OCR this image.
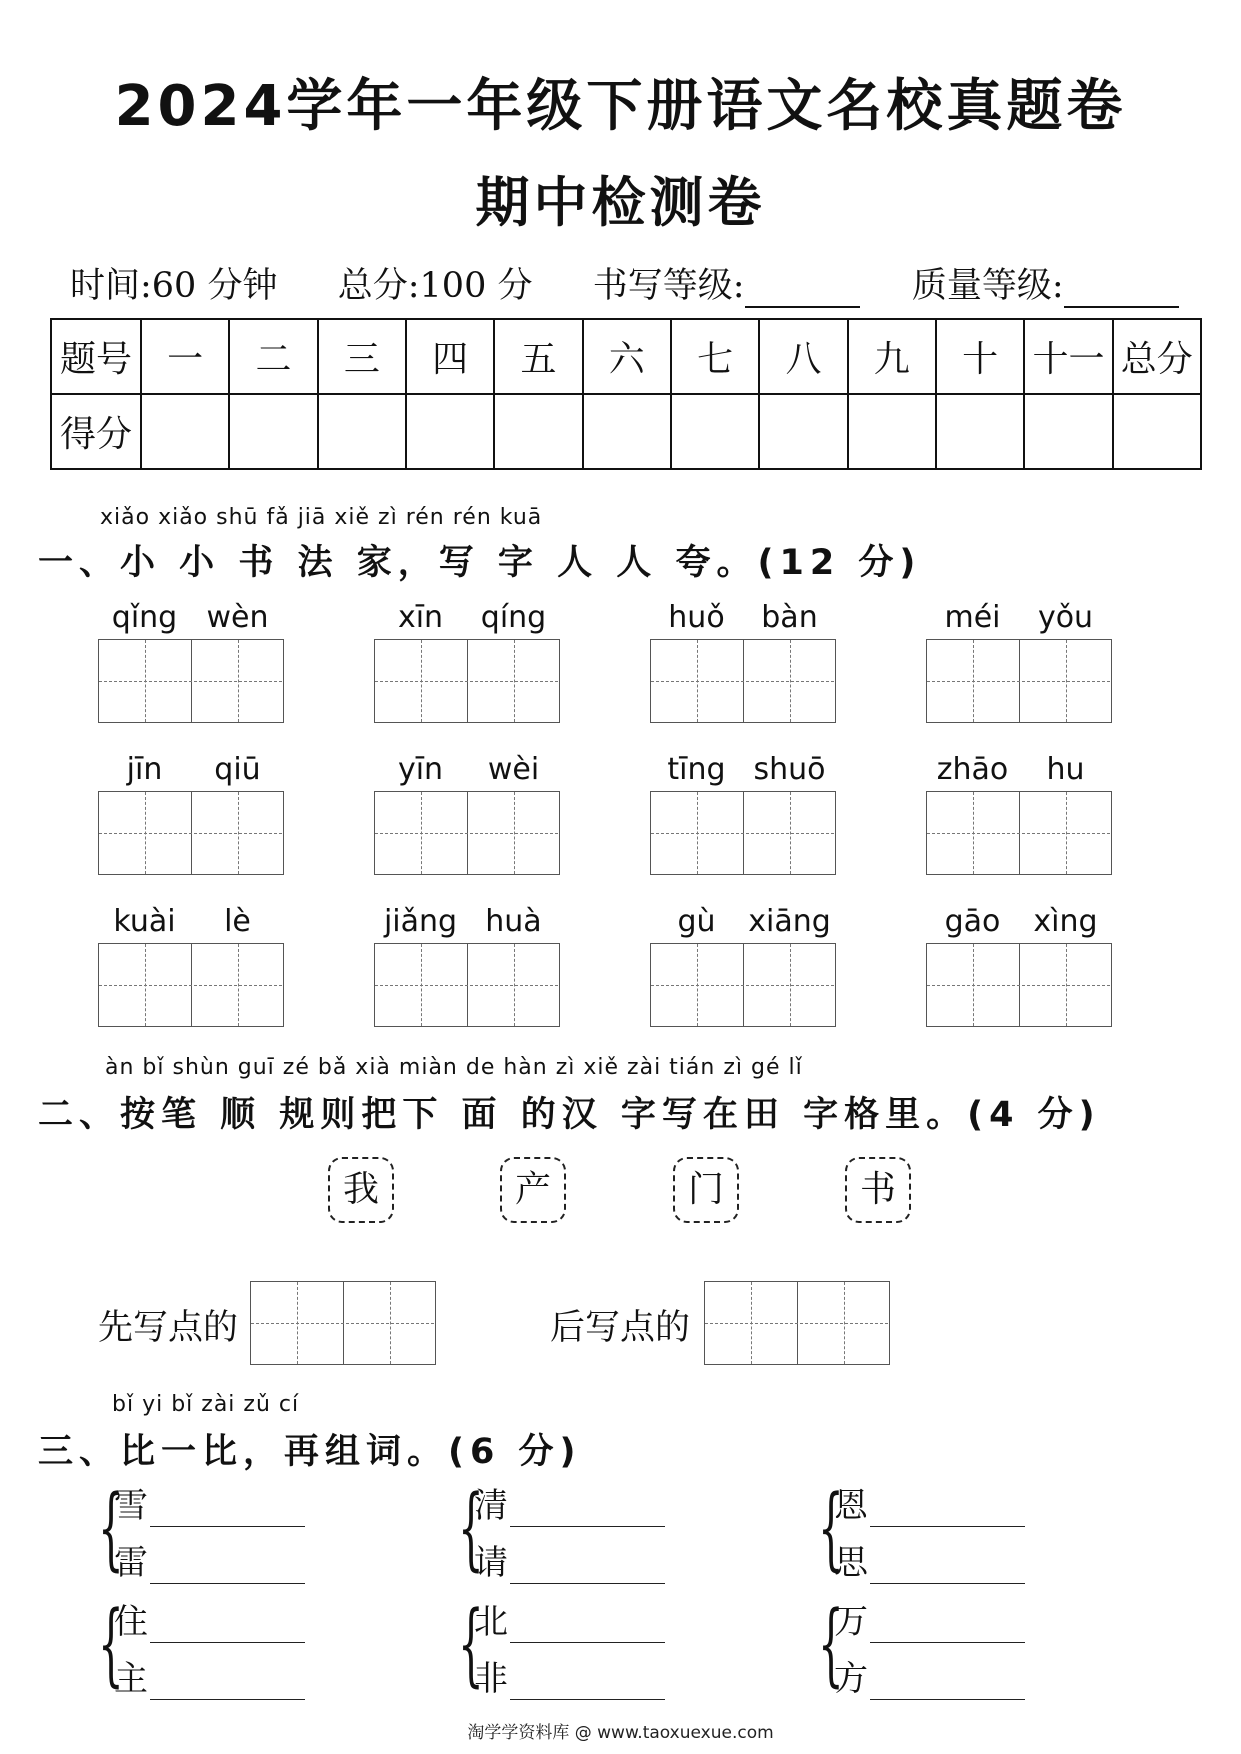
2024学年一年级下册语文名校真题卷
期中检测卷
时间:60 分钟 总分:100 分 书写等级:	质量等级:
题号	一	二	三	四	五	六	七	八	九	十	十一	总分
得分												
xiǎo xiǎo shū fǎ jiā xiě zì rén rén kuā
一、小 小 书 法 家，写 字 人 人 夸。(12 分)
qǐng wèn	xīn qíng	huǒ bàn	méi yǒu
jīn qiū	yīn wèi	tīng shuō	zhāo hu
kuài lè	jiǎng huà	gù xiāng	gāo xìng
àn bǐ shùn guī zé bǎ xià miàn de hàn zì xiě zài tián zì gé lǐ
二、按笔 顺 规则把下 面 的汉 字写在田 字格里。(4 分)
我	产	门	书
先写点的	后写点的
bǐ yi bǐ zài zǔ cí
三、比一比，再组词。(6 分)
{
雪
雷	{
清
请	{
恩
思
{
住
主	{
北
非	{
万
方
淘学学资料库 @ www.taoxuexue.com
